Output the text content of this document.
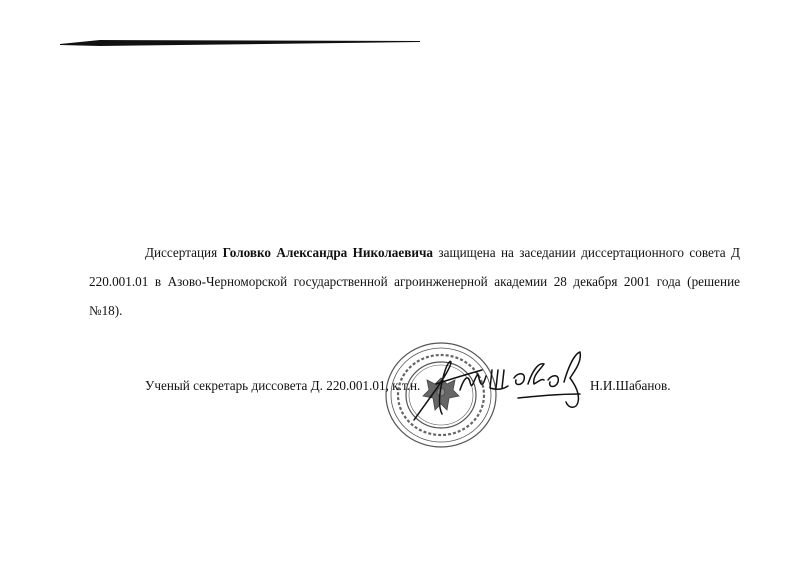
Диссертация Головко Александра Николаевича защищена на заседании диссертационного совета Д 220.001.01 в Азово-Черноморской государственной агроинженерной академии 28 декабря 2001 года (решение №18).
Ученый секретарь диссовета Д. 220.001.01, к.т.н.	Н.И.Шабанов.
